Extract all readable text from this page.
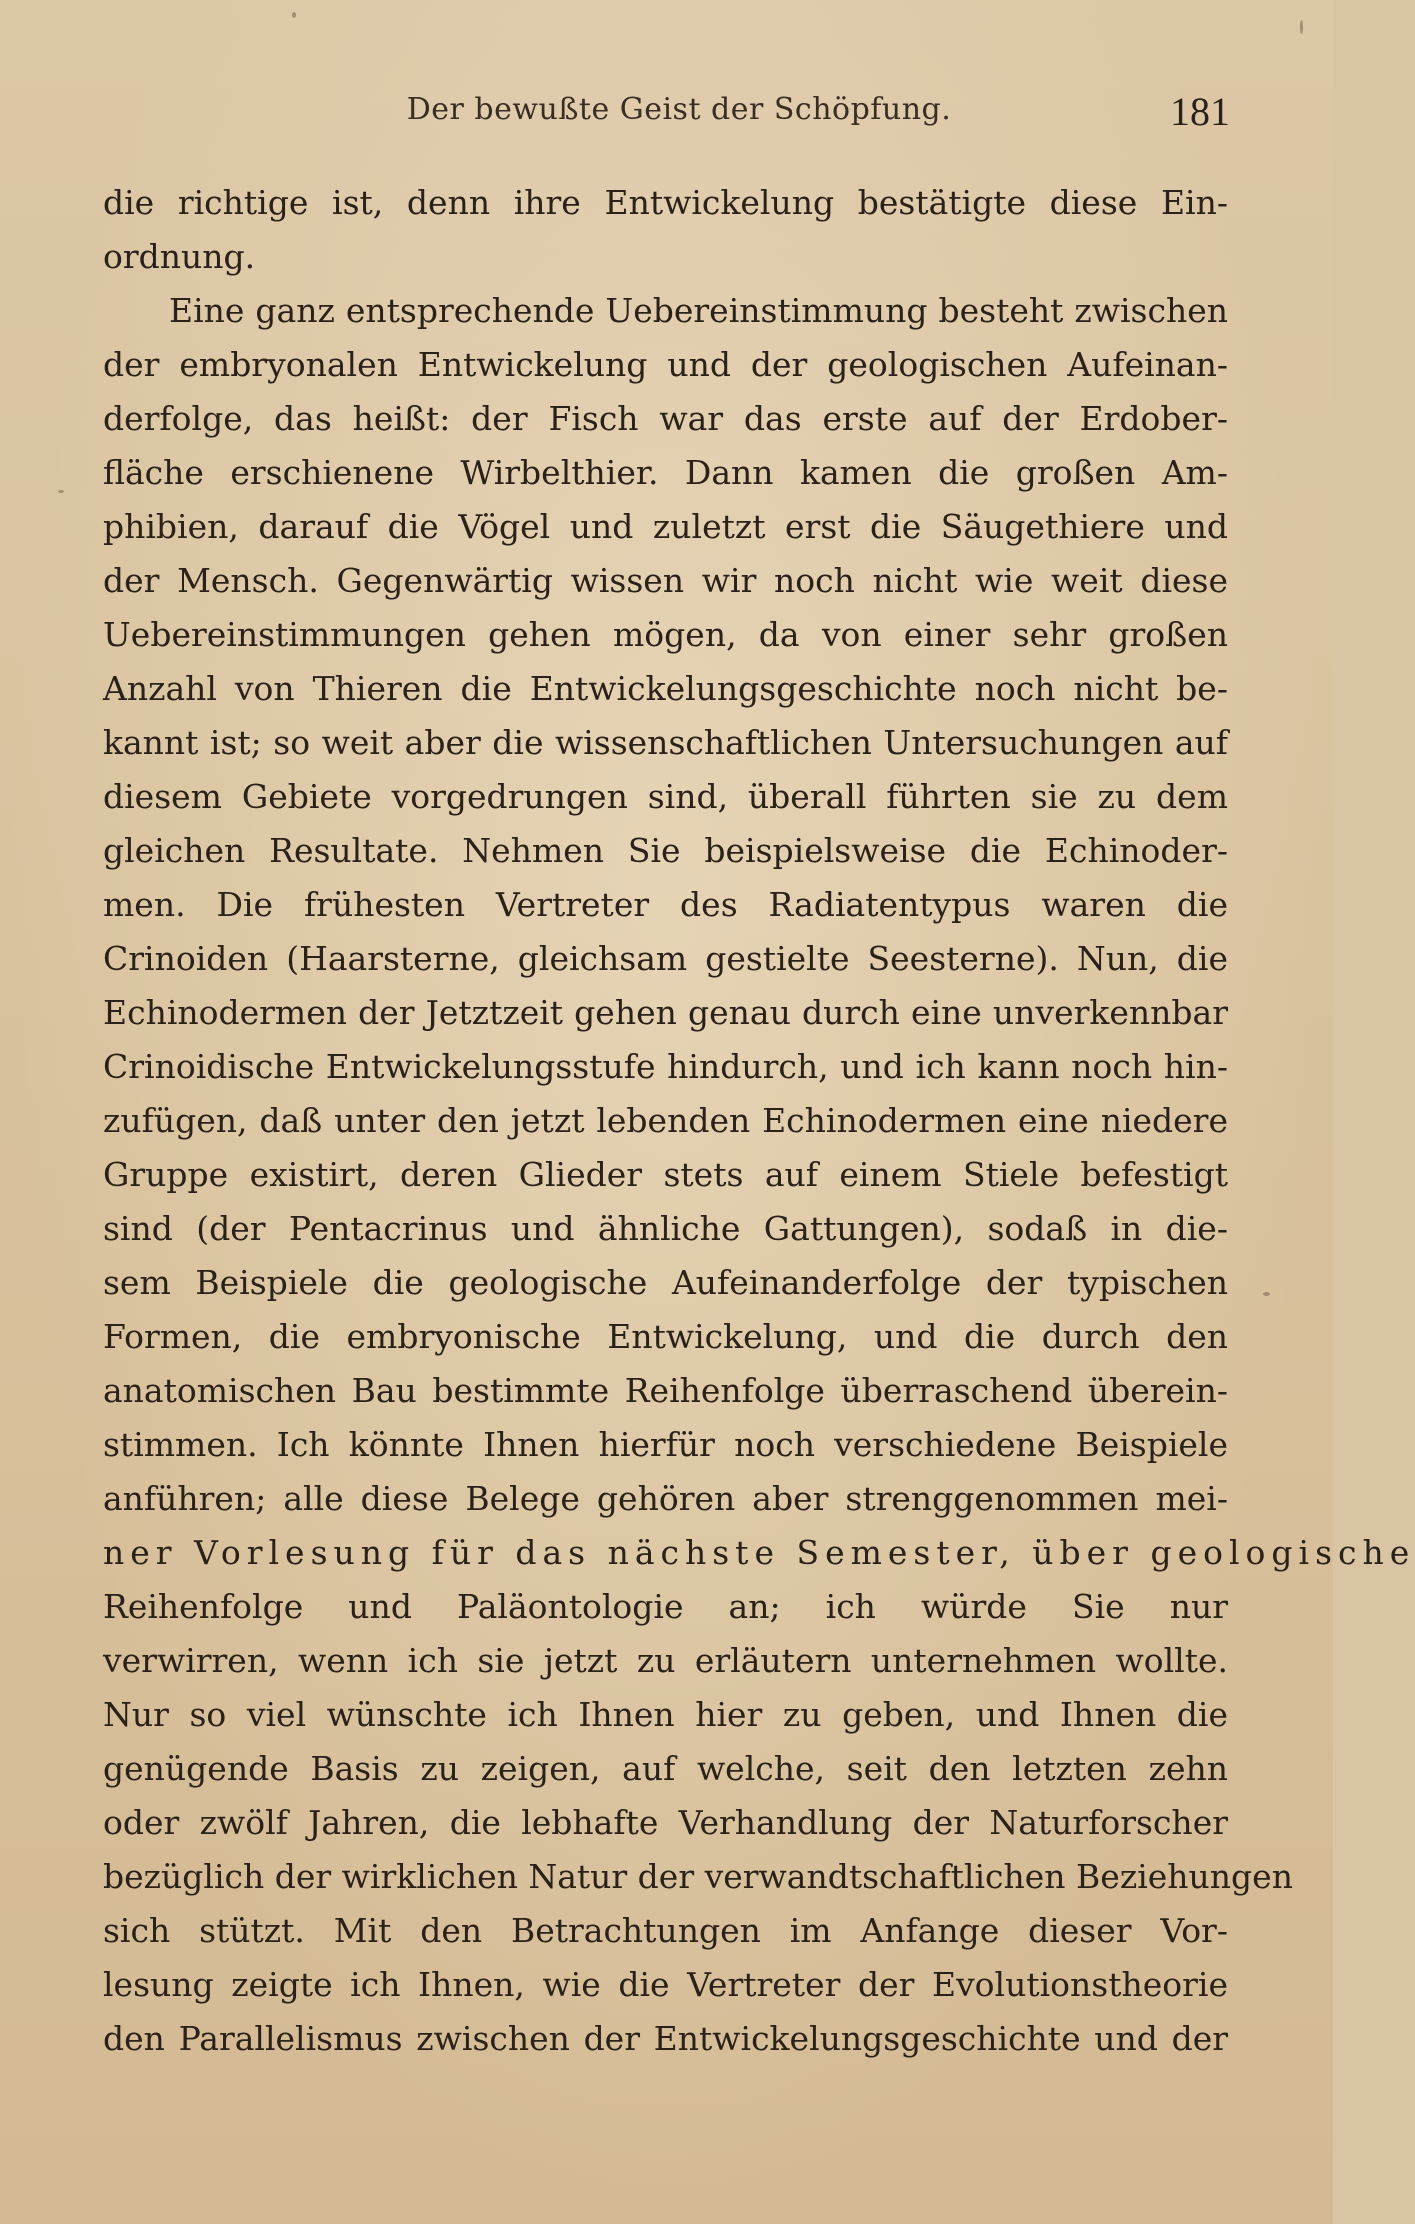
Der bewußte Geist der Schöpfung.	181
die richtige ist, denn ihre Entwickelung bestätigte diese Ein-
ordnung.
Eine ganz entsprechende Uebereinstimmung besteht zwischen
der embryonalen Entwickelung und der geologischen Aufeinan-
derfolge, das heißt: der Fisch war das erste auf der Erdober-
fläche erschienene Wirbelthier. Dann kamen die großen Am-
phibien, darauf die Vögel und zuletzt erst die Säugethiere und
der Mensch. Gegenwärtig wissen wir noch nicht wie weit diese
Uebereinstimmungen gehen mögen, da von einer sehr großen
Anzahl von Thieren die Entwickelungsgeschichte noch nicht be-
kannt ist; so weit aber die wissenschaftlichen Untersuchungen auf
diesem Gebiete vorgedrungen sind, überall führten sie zu dem
gleichen Resultate. Nehmen Sie beispielsweise die Echinoder-
men. Die frühesten Vertreter des Radiatentypus waren die
Crinoiden (Haarsterne, gleichsam gestielte Seesterne). Nun, die
Echinodermen der Jetztzeit gehen genau durch eine unverkennbar
Crinoidische Entwickelungsstufe hindurch, und ich kann noch hin-
zufügen, daß unter den jetzt lebenden Echinodermen eine niedere
Gruppe existirt, deren Glieder stets auf einem Stiele befestigt
sind (der Pentacrinus und ähnliche Gattungen), sodaß in die-
sem Beispiele die geologische Aufeinanderfolge der typischen
Formen, die embryonische Entwickelung, und die durch den
anatomischen Bau bestimmte Reihenfolge überraschend überein-
stimmen. Ich könnte Ihnen hierfür noch verschiedene Beispiele
anführen; alle diese Belege gehören aber strenggenommen mei-
ner Vorlesung für das nächste Semester, über geologische
Reihenfolge und Paläontologie an; ich würde Sie nur
verwirren, wenn ich sie jetzt zu erläutern unternehmen wollte.
Nur so viel wünschte ich Ihnen hier zu geben, und Ihnen die
genügende Basis zu zeigen, auf welche, seit den letzten zehn
oder zwölf Jahren, die lebhafte Verhandlung der Naturforscher
bezüglich der wirklichen Natur der verwandtschaftlichen Beziehungen
sich stützt. Mit den Betrachtungen im Anfange dieser Vor-
lesung zeigte ich Ihnen, wie die Vertreter der Evolutionstheorie
den Parallelismus zwischen der Entwickelungsgeschichte und der
